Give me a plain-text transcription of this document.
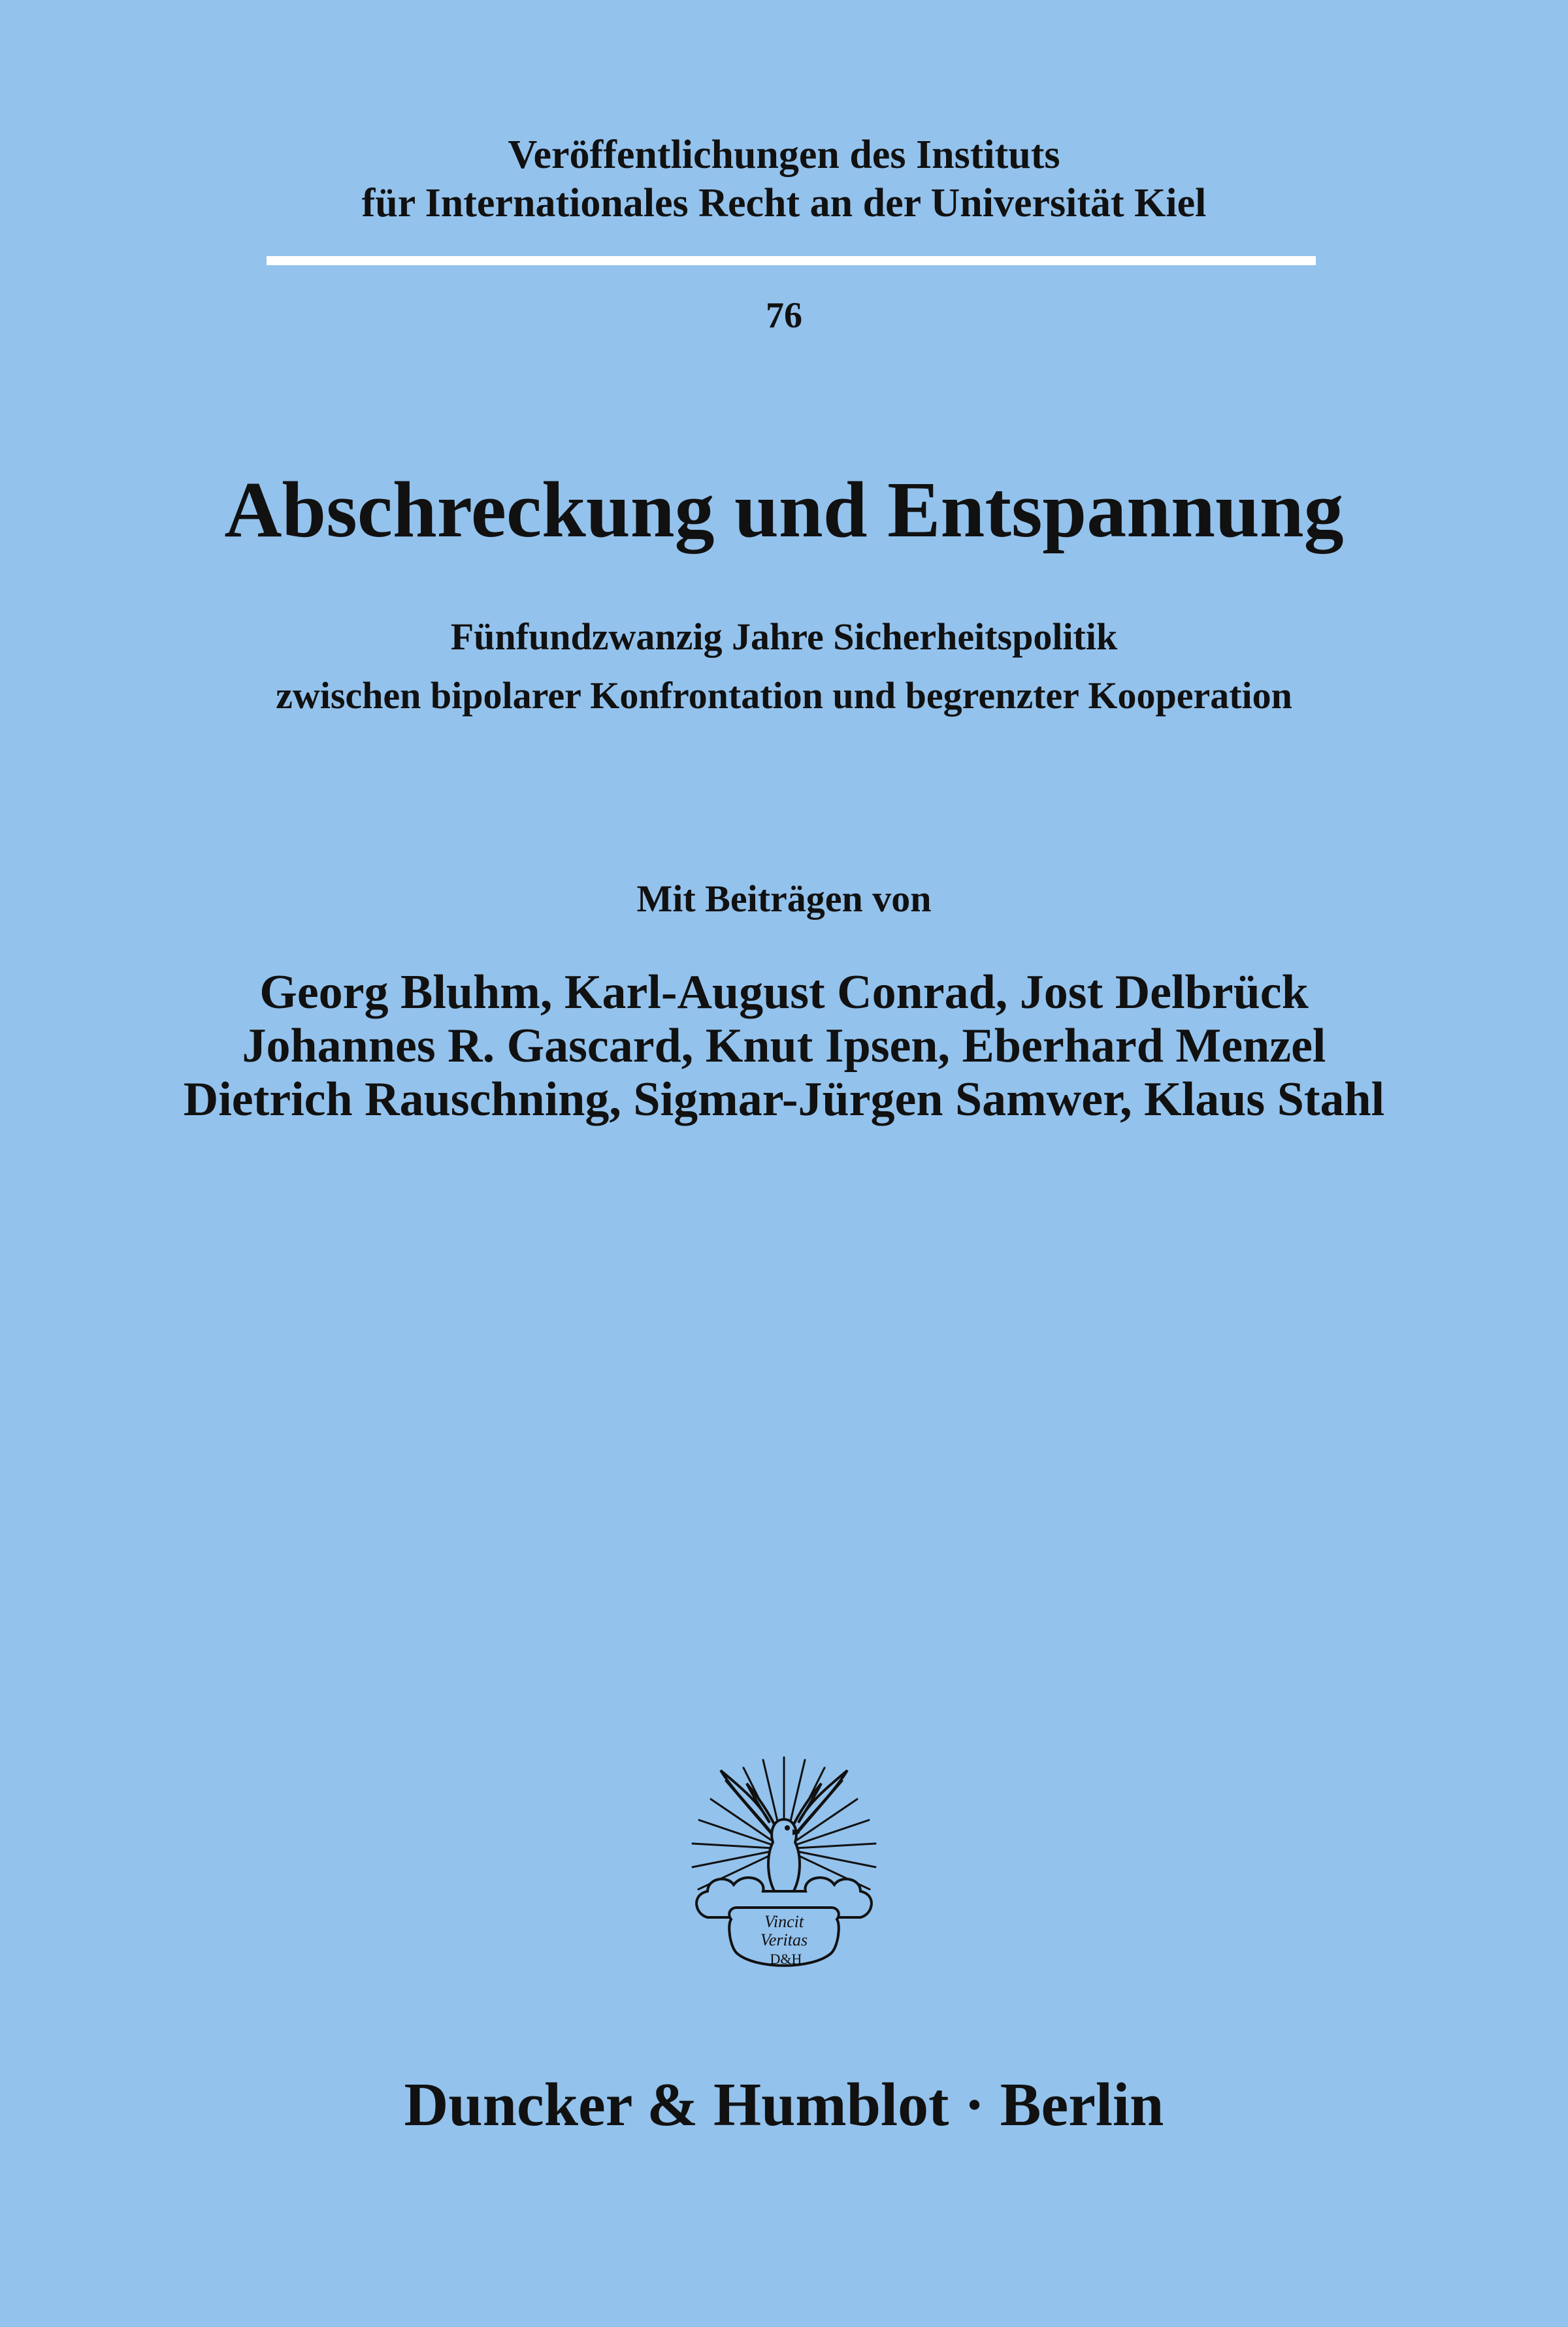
Veröffentlichungen des Instituts
für Internationales Recht an der Universität Kiel
76
Abschreckung und Entspannung
Fünfundzwanzig Jahre Sicherheitspolitik
zwischen bipolarer Konfrontation und begrenzter Kooperation
Mit Beiträgen von
Georg Bluhm, Karl-August Conrad, Jost Delbrück
Johannes R. Gascard, Knut Ipsen, Eberhard Menzel
Dietrich Rauschning, Sigmar-Jürgen Samwer, Klaus Stahl
Vincit
Veritas
D&H
Duncker & Humblot · Berlin
